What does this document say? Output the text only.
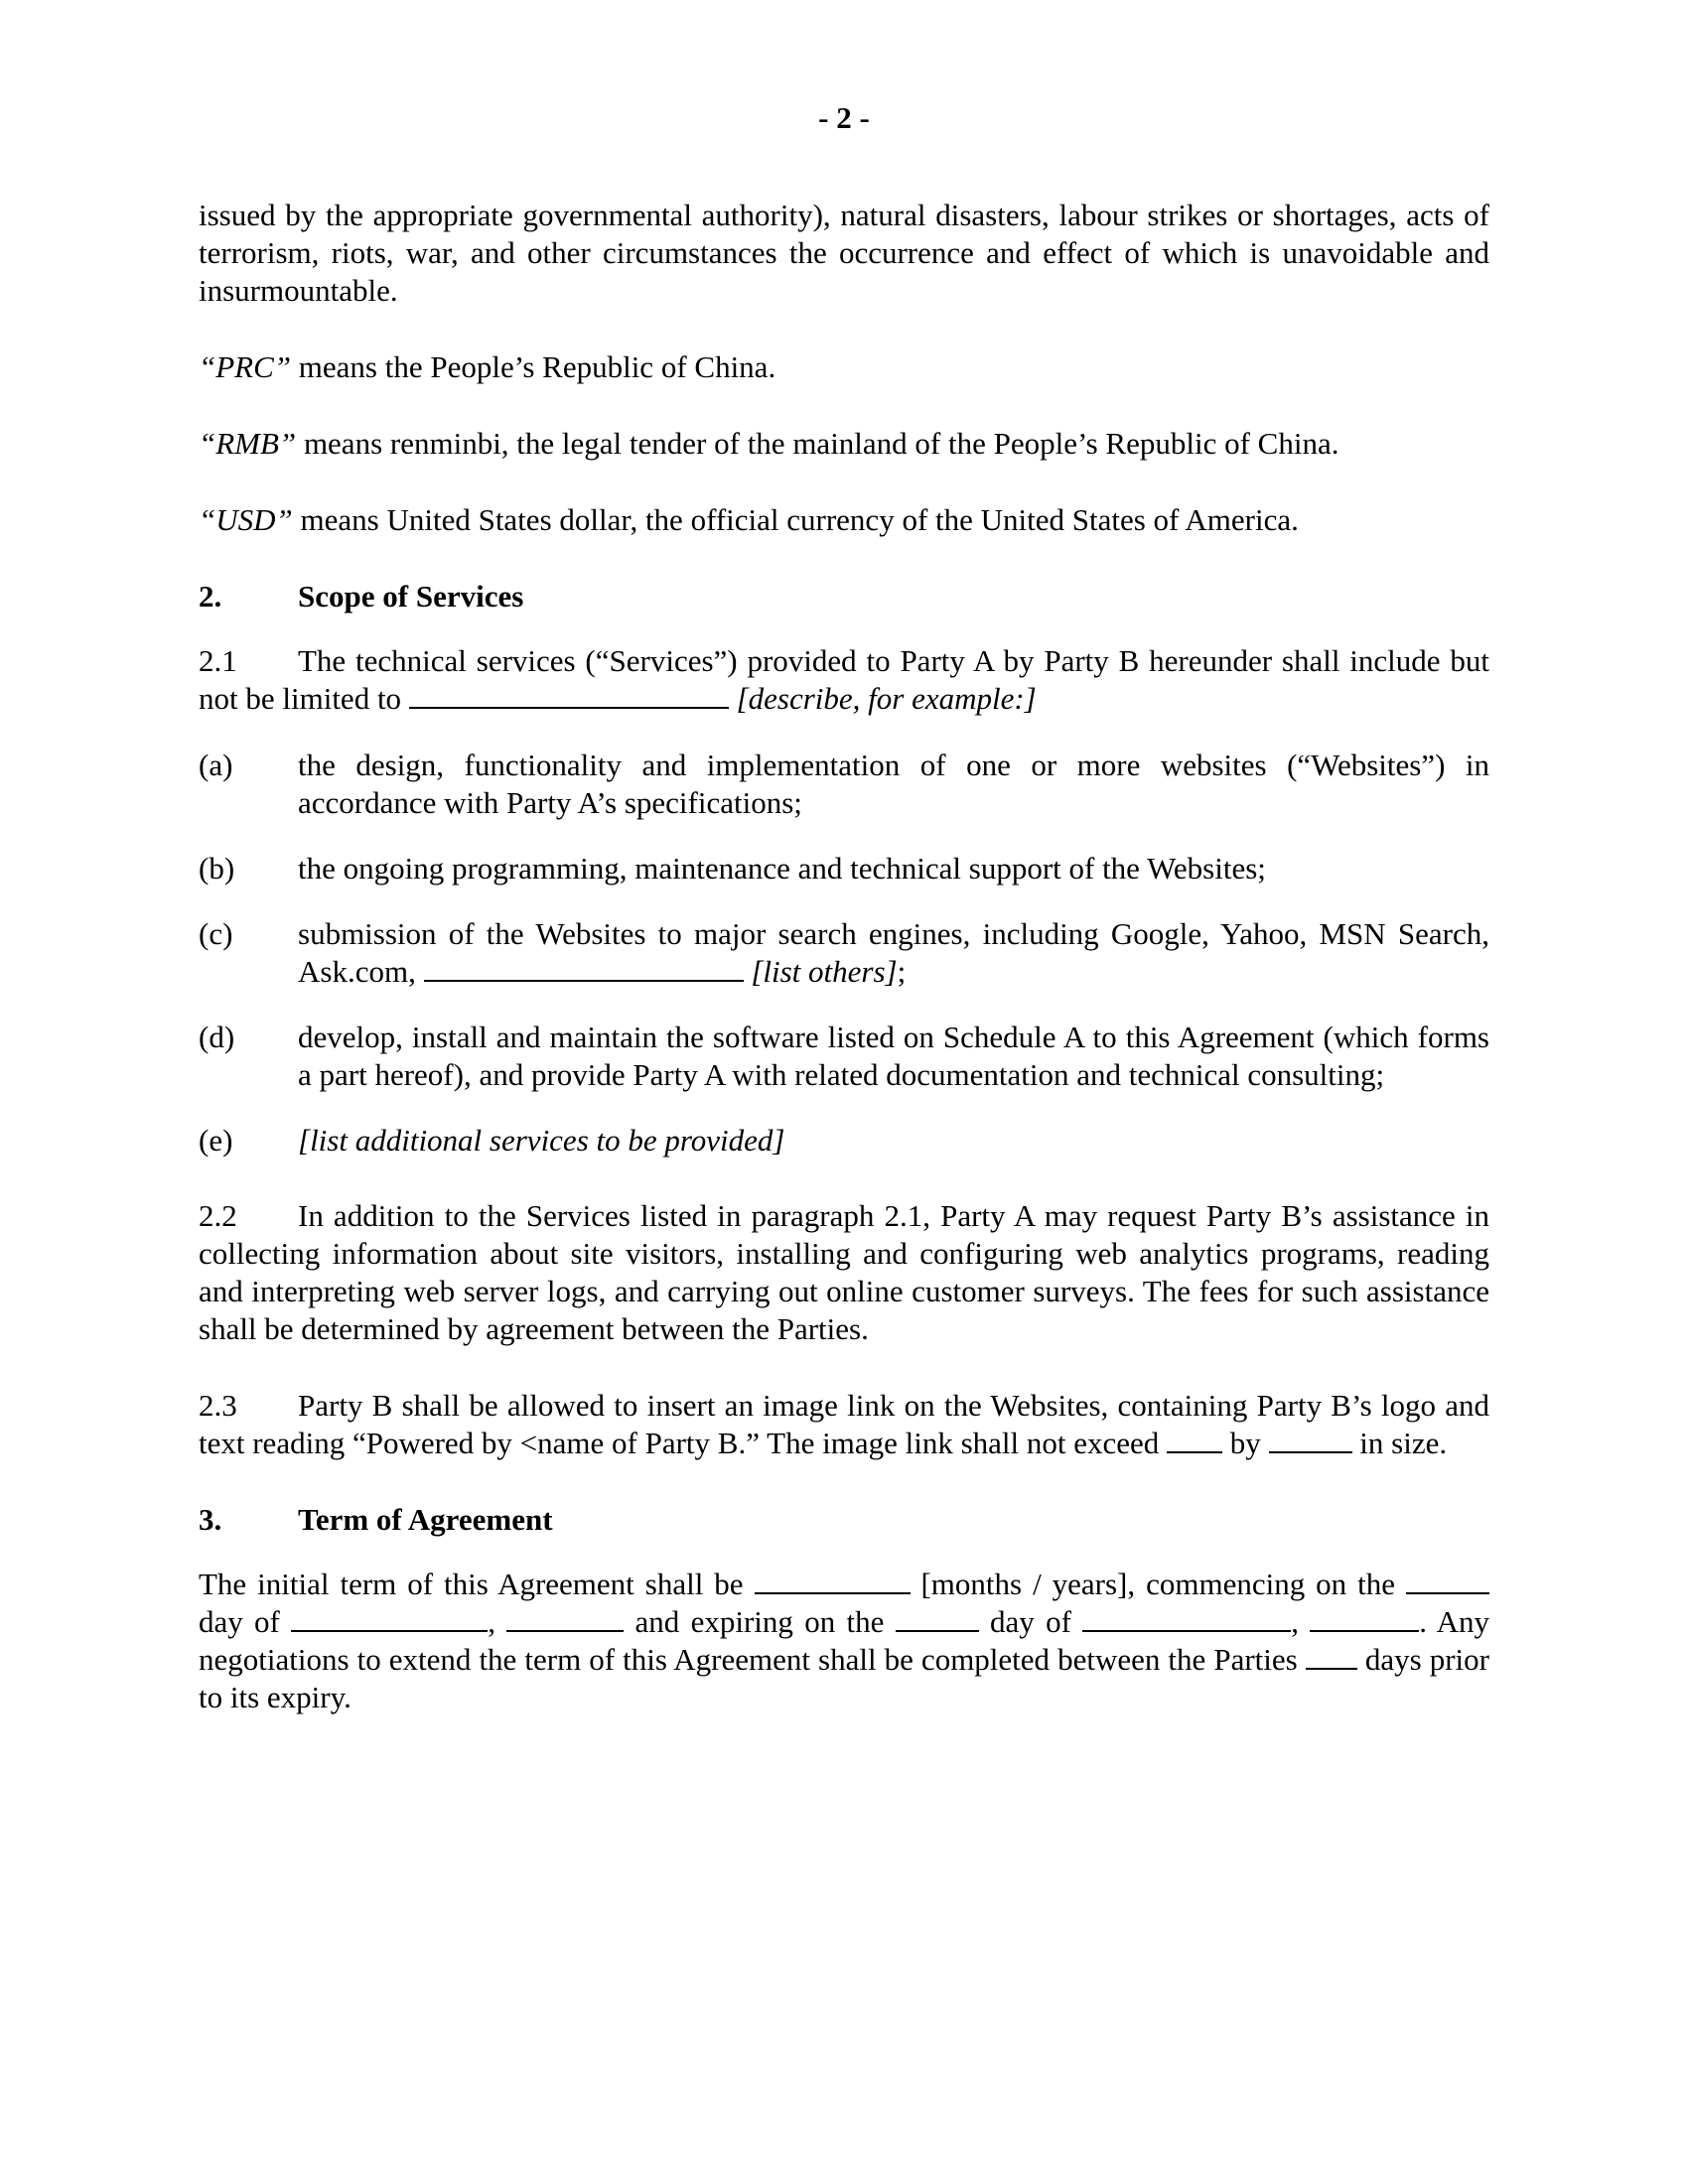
- 2 -

issued by the appropriate governmental authority), natural disasters, labour strikes or shortages, acts of terrorism, riots, war, and other circumstances the occurrence and effect of which is unavoidable and insurmountable.

“PRC” means the People’s Republic of China.

“RMB” means renminbi, the legal tender of the mainland of the People’s Republic of China.

“USD” means United States dollar, the official currency of the United States of America.

2. Scope of Services

2.1 The technical services (“Services”) provided to Party A by Party B hereunder shall include but not be limited to	[describe, for example:]

(a)	the design, functionality and implementation of one or more websites (“Websites”) in accordance with Party A’s specifications;
(b)	the ongoing programming, maintenance and technical support of the Websites;
(c)	submission of the Websites to major search engines, including Google, Yahoo, MSN Search, Ask.com,	[list others];
(d)	develop, install and maintain the software listed on Schedule A to this Agreement (which forms a part hereof), and provide Party A with related documentation and technical consulting;
(e)	[list additional services to be provided]

2.2 In addition to the Services listed in paragraph 2.1, Party A may request Party B’s assistance in collecting information about site visitors, installing and configuring web analytics programs, reading and interpreting web server logs, and carrying out online customer surveys. The fees for such assistance shall be determined by agreement between the Parties.

2.3 Party B shall be allowed to insert an image link on the Websites, containing Party B’s logo and text reading “Powered by <name of Party B.” The image link shall not exceed  by	in size.

3. Term of Agreement

The initial term of this Agreement shall be	[months / years], commencing on the  day of	,	and expiring on the	day of	,	. Any negotiations to extend the term of this Agreement shall be completed between the Parties  days prior to its expiry.
